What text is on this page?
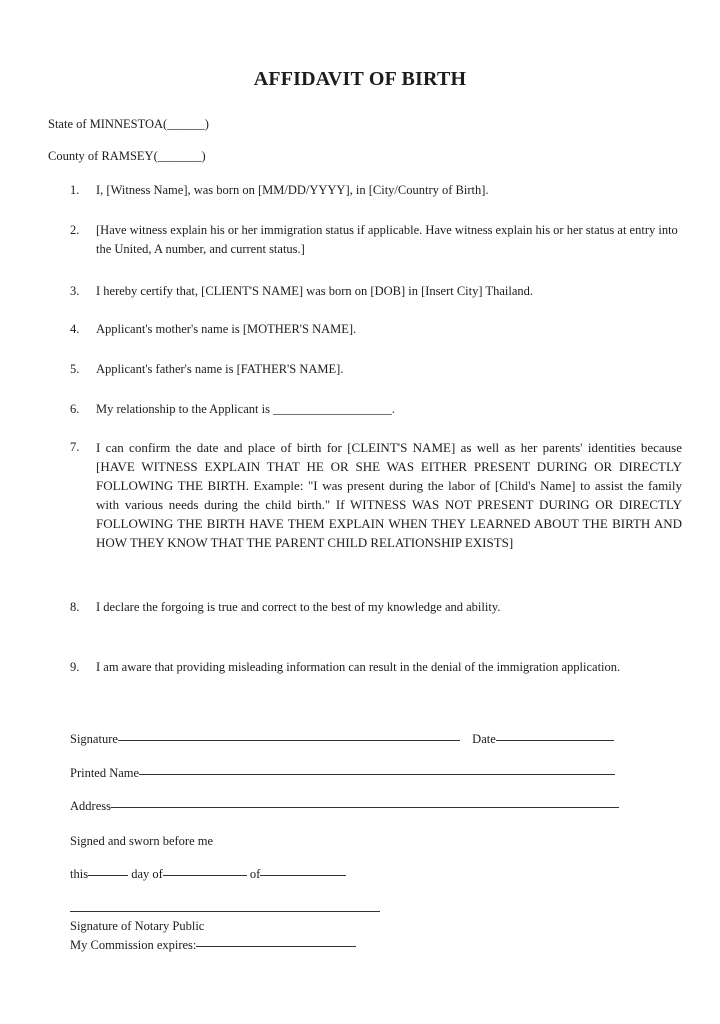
AFFIDAVIT OF BIRTH
State of MINNESTOA(______)
County of RAMSEY(_______)
1. I, [Witness Name], was born on [MM/DD/YYYY], in [City/Country of Birth].
2. [Have witness explain his or her immigration status if applicable. Have witness explain his or her status at entry into the United, A number, and current status.]
3. I hereby certify that, [CLIENT'S NAME] was born on [DOB] in [Insert City] Thailand.
4. Applicant's mother's name is [MOTHER'S NAME].
5. Applicant's father's name is [FATHER'S NAME].
6. My relationship to the Applicant is ___________________.
7. I can confirm the date and place of birth for [CLEINT'S NAME] as well as her parents' identities because [HAVE WITNESS EXPLAIN THAT HE OR SHE WAS EITHER PRESENT DURING OR DIRECTLY FOLLOWING THE BIRTH. Example: "I was present during the labor of [Child's Name] to assist the family with various needs during the child birth." If WITNESS WAS NOT PRESENT DURING OR DIRECTLY FOLLOWING THE BIRTH HAVE THEM EXPLAIN WHEN THEY LEARNED ABOUT THE BIRTH AND HOW THEY KNOW THAT THE PARENT CHILD RELATIONSHIP EXISTS]
8. I declare the forgoing is true and correct to the best of my knowledge and ability.
9. I am aware that providing misleading information can result in the denial of the immigration application.
Signature	Date
Printed Name
Address
Signed and sworn before me
this	day of	of
Signature of Notary Public
My Commission expires:
